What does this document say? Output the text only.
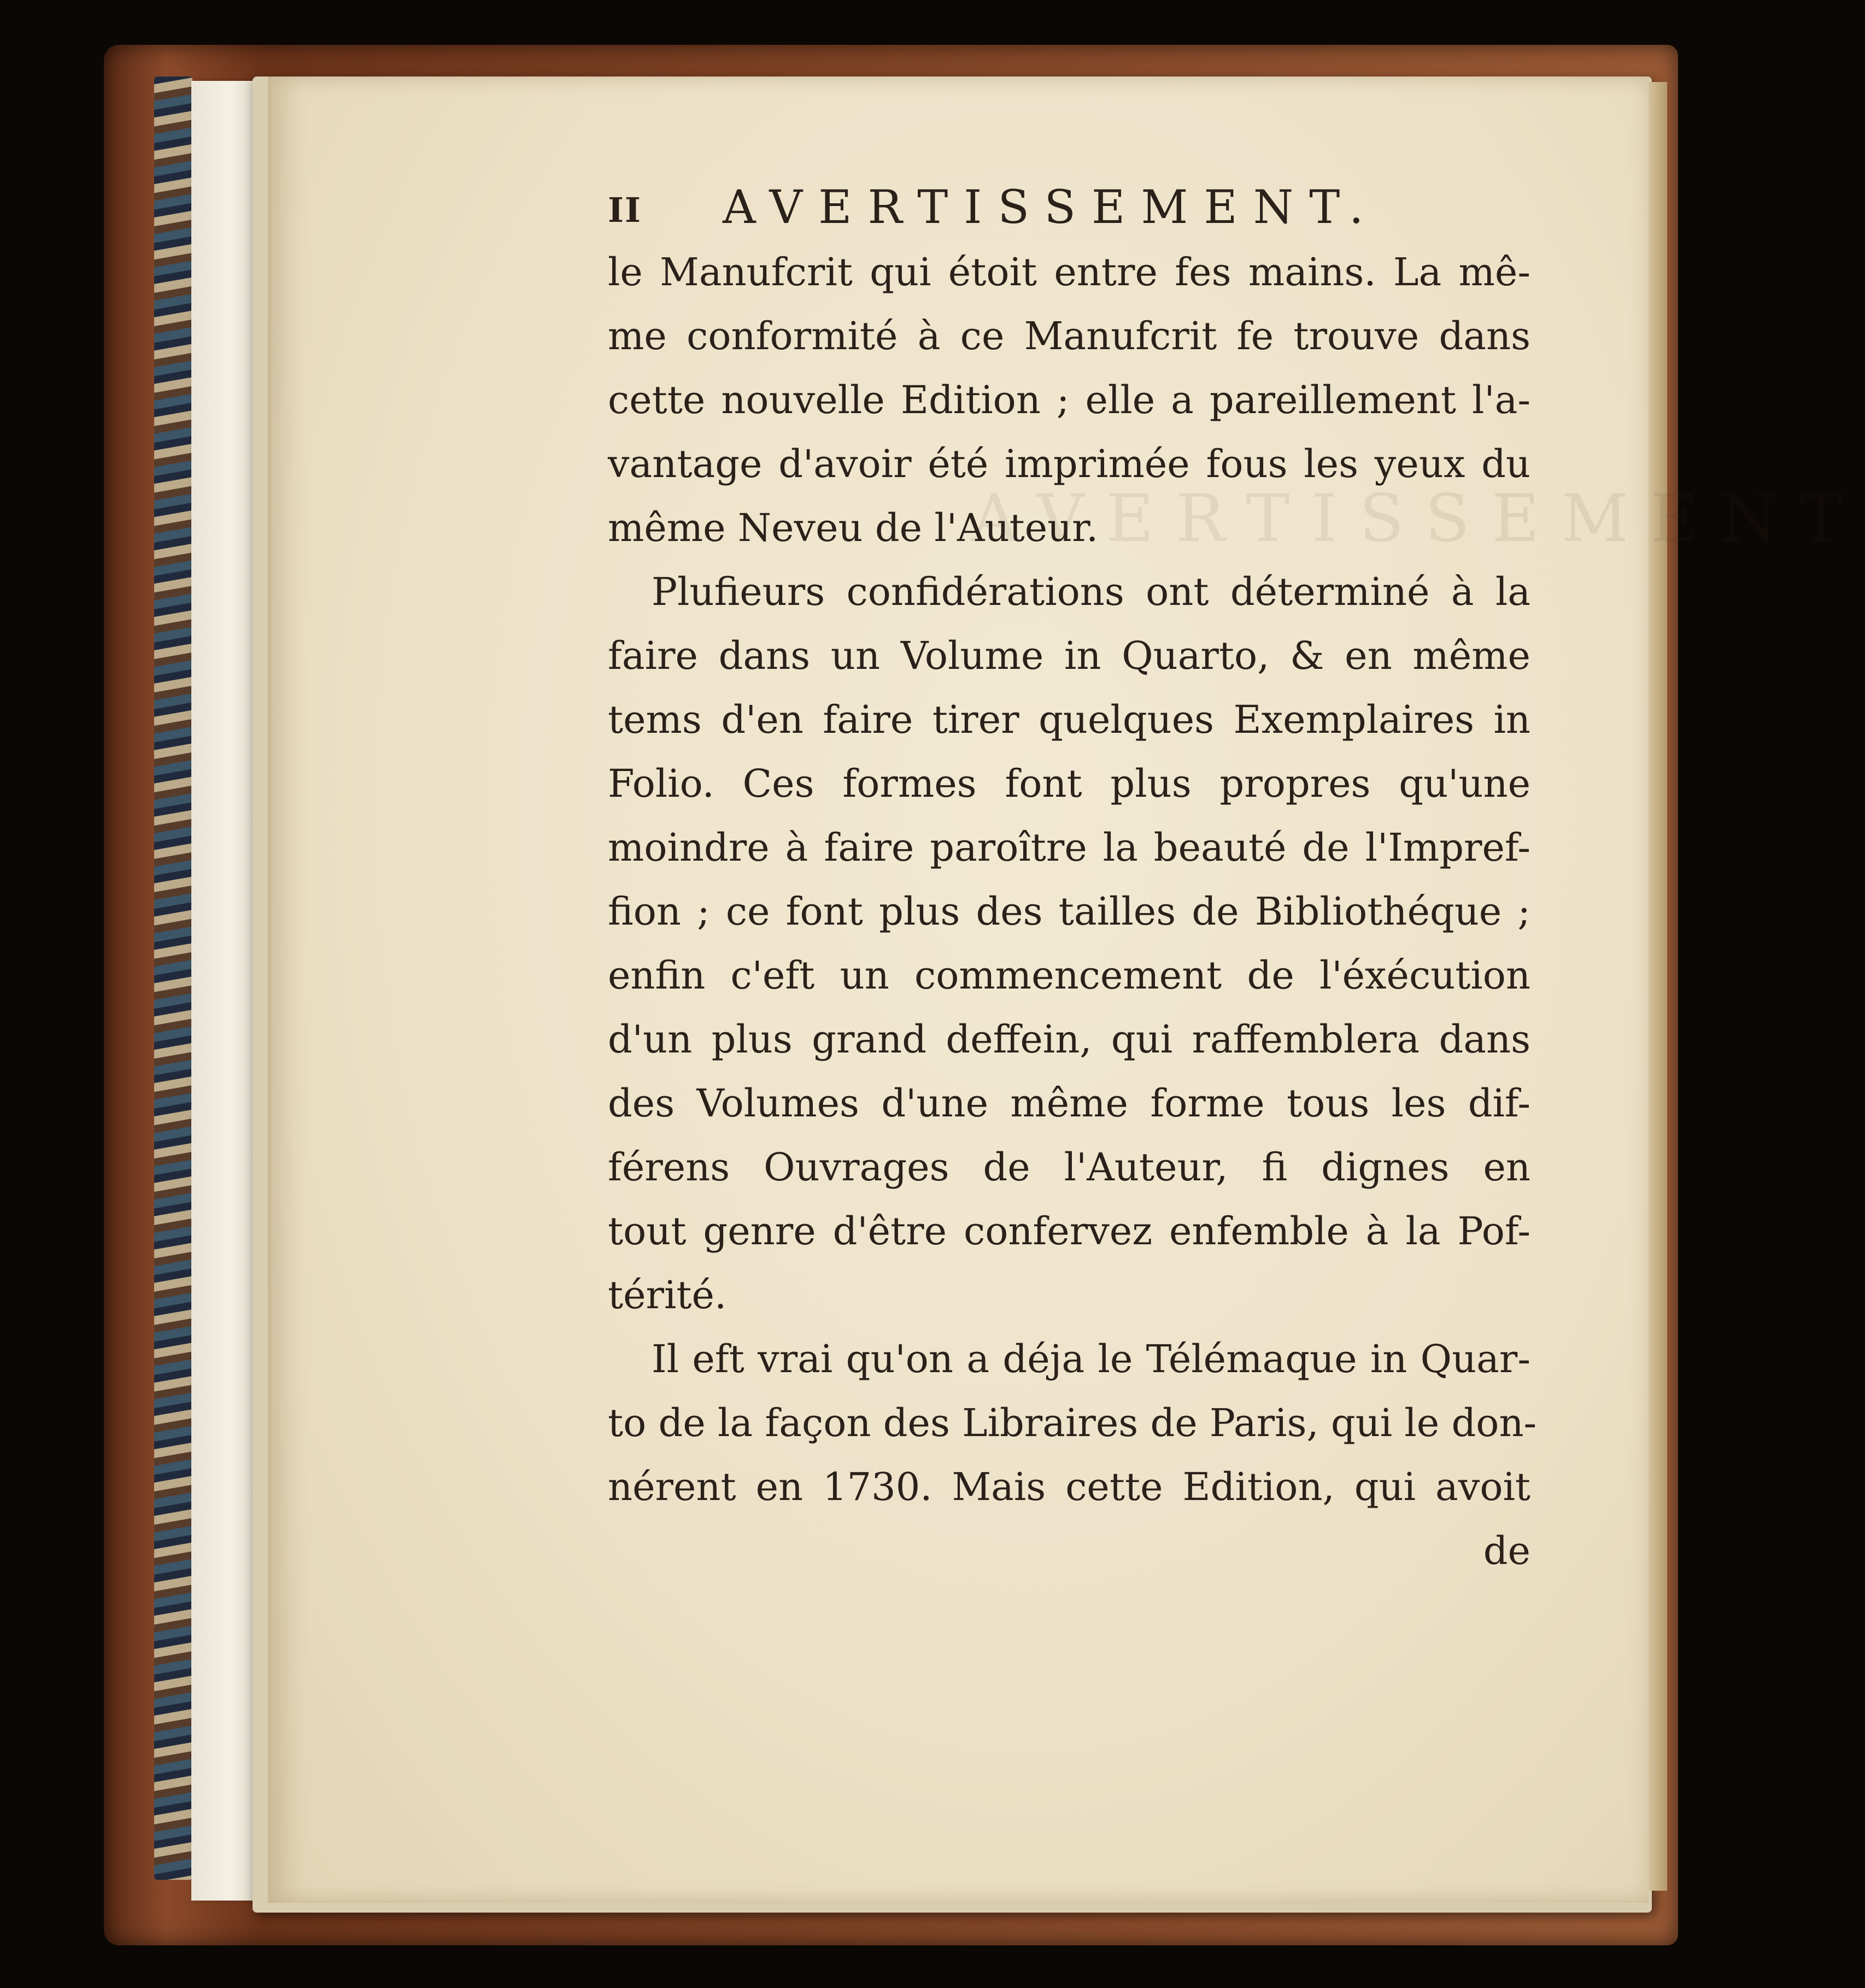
AVERTISSEMENT
II AVERTISSEMENT.
le Manufcrit qui étoit entre fes mains. La mê-
me conformité à ce Manufcrit fe trouve dans
cette nouvelle Edition ; elle a pareillement l'a-
vantage d'avoir été imprimée fous les yeux du
même Neveu de l'Auteur.
Plufieurs confidérations ont déterminé à la
faire dans un Volume in Quarto, & en même
tems d'en faire tirer quelques Exemplaires in
Folio. Ces formes font plus propres qu'une
moindre à faire paroître la beauté de l'Impref-
fion ; ce font plus des tailles de Bibliothéque ;
enfin c'eft un commencement de l'éxécution
d'un plus grand deffein, qui raffemblera dans
des Volumes d'une même forme tous les dif-
férens Ouvrages de l'Auteur, fi dignes en
tout genre d'être confervez enfemble à la Pof-
térité.
Il eft vrai qu'on a déja le Télémaque in Quar-
to de la façon des Libraires de Paris, qui le don-
nérent en 1730. Mais cette Edition, qui avoit
de
